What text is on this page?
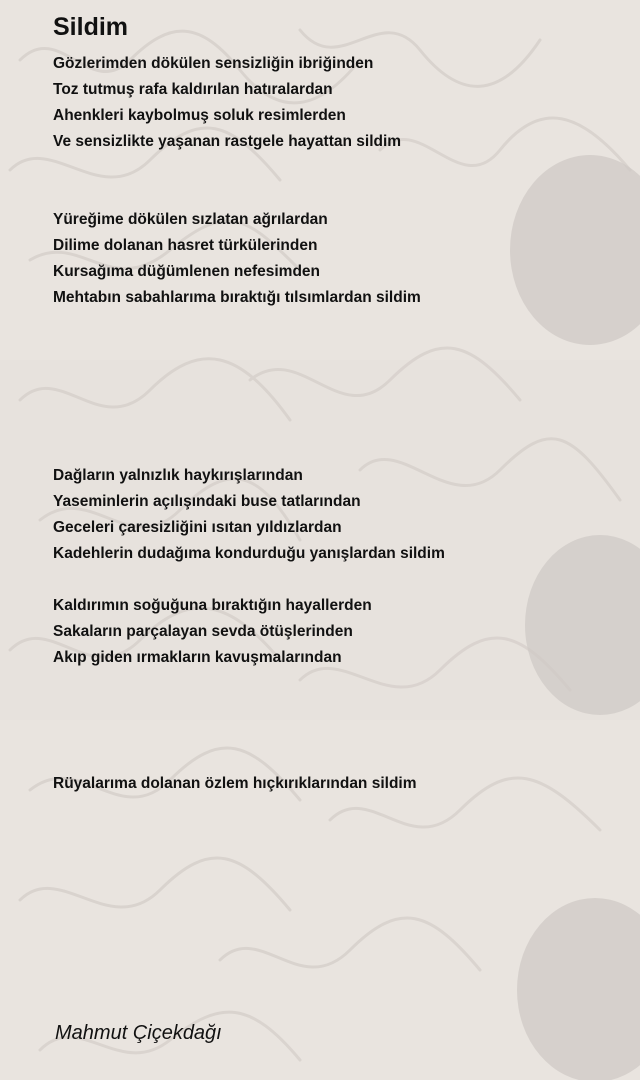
Sildim

Gözlerimden dökülen sensizliğin ibriğinden

Toz tutmuş rafa kaldırılan hatıralardan

Ahenkleri kaybolmuş soluk resimlerden

Ve sensizlikte yaşanan rastgele hayattan sildim

Yüreğime dökülen sızlatan ağrılardan

Dilime dolanan hasret türkülerinden

Kursağıma düğümlenen nefesimden

Mehtabın sabahlarıma bıraktığı tılsımlardan sildim

Dağların yalnızlık haykırışlarından

Yaseminlerin açılışındaki buse tatlarından

Geceleri çaresizliğini ısıtan yıldızlardan

Kadehlerin dudağıma kondurduğu yanışlardan sildim

Kaldırımın soğuğuna bıraktığın hayallerden

Sakaların parçalayan sevda ötüşlerinden

Akıp giden ırmakların kavuşmalarından

Rüyalarıma dolanan özlem hıçkırıklarından sildim

Mahmut Çiçekdağı
